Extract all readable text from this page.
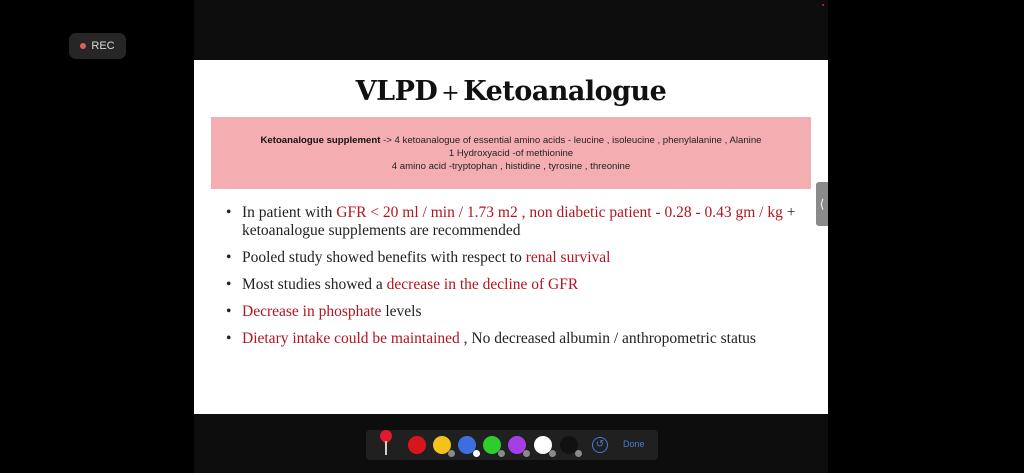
REC
VLPD + Ketoanalogue
Ketoanalogue supplement -> 4 ketoanalogue of essential amino acids - leucine , isoleucine , phenylalanine , Alanine
1 Hydroxyacid -of methionine
4 amino acid -tryptophan , histidine , tyrosine , threonine
• In patient with GFR < 20 ml / min / 1.73 m2 , non diabetic patient - 0.28 - 0.43 gm / kg + ketoanalogue supplements are recommended
• Pooled study showed benefits with respect to renal survival
• Most studies showed a decrease in the decline of GFR
• Decrease in phosphate levels
• Dietary intake could be maintained , No decreased albumin / anthropometric status
⟨
↺	Done
